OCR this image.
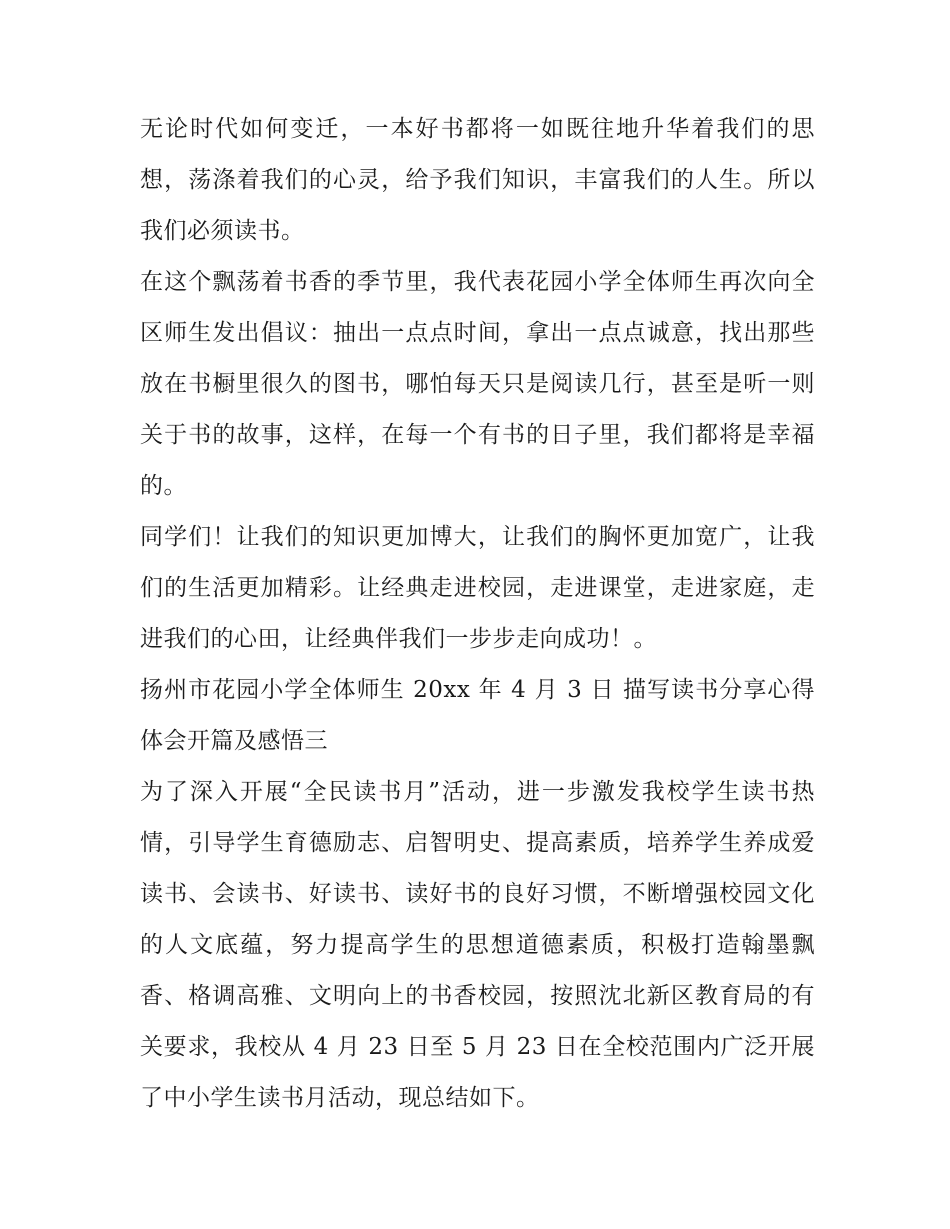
无论时代如何变迁，一本好书都将一如既往地升华着我们的思想，荡涤着我们的心灵，给予我们知识，丰富我们的人生。所以我们必须读书。

在这个飘荡着书香的季节里，我代表花园小学全体师生再次向全区师生发出倡议：抽出一点点时间，拿出一点点诚意，找出那些放在书橱里很久的图书，哪怕每天只是阅读几行，甚至是听一则关于书的故事，这样，在每一个有书的日子里，我们都将是幸福的。

同学们！让我们的知识更加博大，让我们的胸怀更加宽广，让我们的生活更加精彩。让经典走进校园，走进课堂，走进家庭，走进我们的心田，让经典伴我们一步步走向成功！。

扬州市花园小学全体师生 20xx 年 4 月 3 日 描写读书分享心得体会开篇及感悟三

为了深入开展“全民读书月”活动，进一步激发我校学生读书热情，引导学生育德励志、启智明史、提高素质，培养学生养成爱读书、会读书、好读书、读好书的良好习惯，不断增强校园文化的人文底蕴，努力提高学生的思想道德素质，积极打造翰墨飘香、格调高雅、文明向上的书香校园，按照沈北新区教育局的有关要求，我校从 4 月 23 日至 5 月 23 日在全校范围内广泛开展了中小学生读书月活动，现总结如下。
